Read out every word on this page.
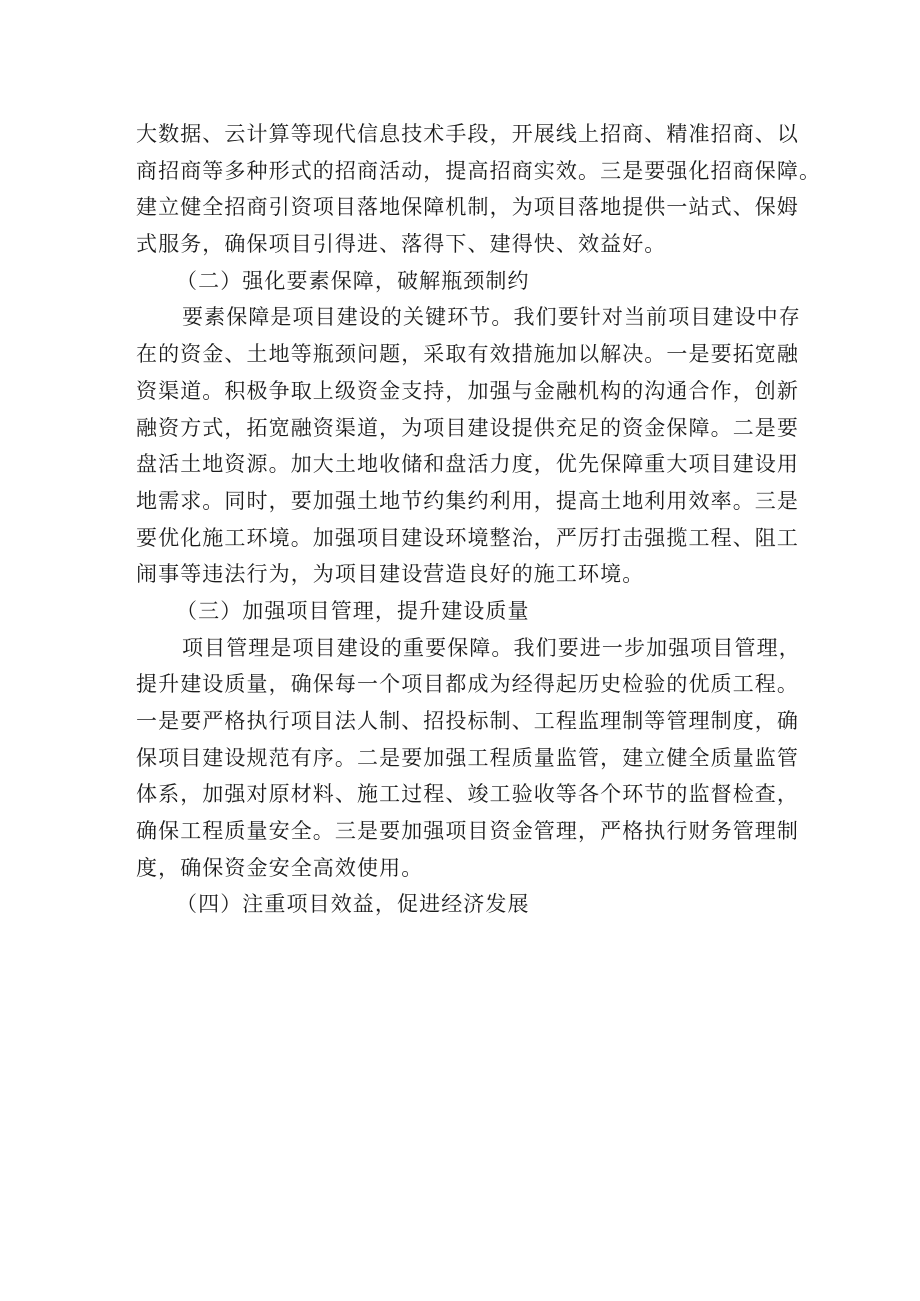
大数据、云计算等现代信息技术手段，开展线上招商、精准招商、以

商招商等多种形式的招商活动，提高招商实效。三是要强化招商保障。

建立健全招商引资项目落地保障机制，为项目落地提供一站式、保姆

式服务，确保项目引得进、落得下、建得快、效益好。

（二）强化要素保障，破解瓶颈制约

要素保障是项目建设的关键环节。我们要针对当前项目建设中存

在的资金、土地等瓶颈问题，采取有效措施加以解决。一是要拓宽融

资渠道。积极争取上级资金支持，加强与金融机构的沟通合作，创新

融资方式，拓宽融资渠道，为项目建设提供充足的资金保障。二是要

盘活土地资源。加大土地收储和盘活力度，优先保障重大项目建设用

地需求。同时，要加强土地节约集约利用，提高土地利用效率。三是

要优化施工环境。加强项目建设环境整治，严厉打击强揽工程、阻工

闹事等违法行为，为项目建设营造良好的施工环境。

（三）加强项目管理，提升建设质量

项目管理是项目建设的重要保障。我们要进一步加强项目管理，

提升建设质量，确保每一个项目都成为经得起历史检验的优质工程。

一是要严格执行项目法人制、招投标制、工程监理制等管理制度，确

保项目建设规范有序。二是要加强工程质量监管，建立健全质量监管

体系，加强对原材料、施工过程、竣工验收等各个环节的监督检查，

确保工程质量安全。三是要加强项目资金管理，严格执行财务管理制

度，确保资金安全高效使用。

（四）注重项目效益，促进经济发展
